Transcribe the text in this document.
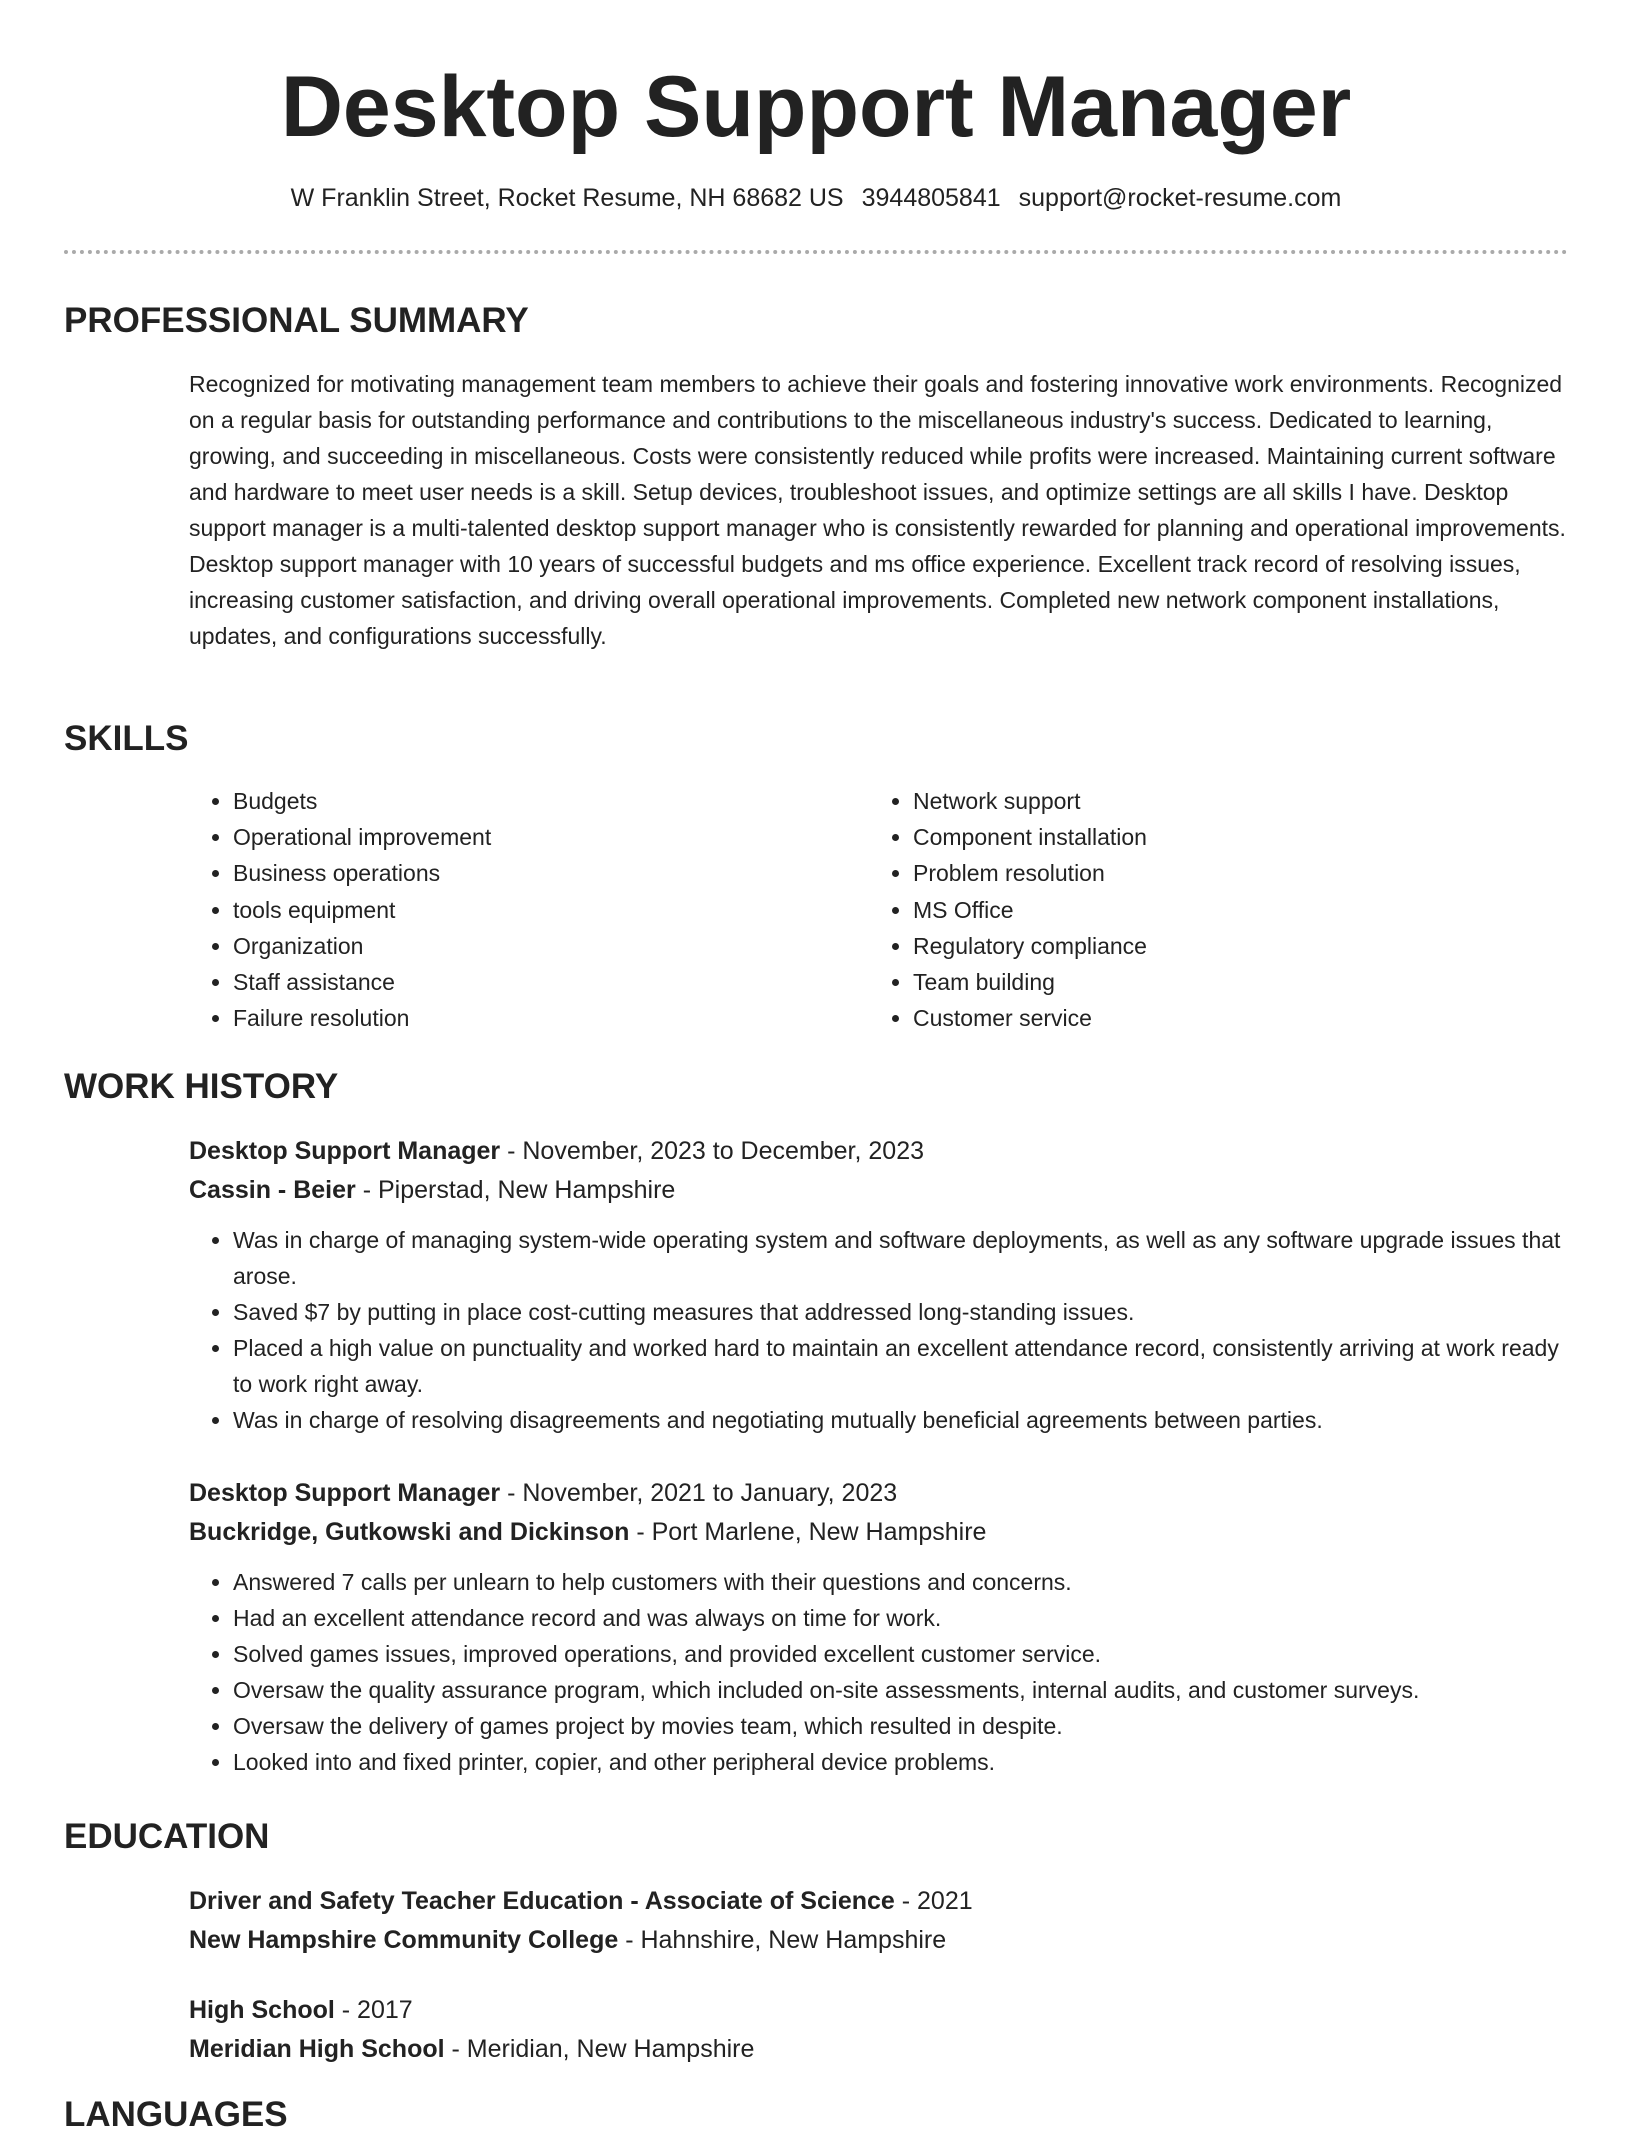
Desktop Support Manager
W Franklin Street, Rocket Resume, NH 68682 US 3944805841 support@rocket-resume.com
PROFESSIONAL SUMMARY
Recognized for motivating management team members to achieve their goals and fostering innovative work environments. Recognized on a regular basis for outstanding performance and contributions to the miscellaneous industry's success. Dedicated to learning, growing, and succeeding in miscellaneous. Costs were consistently reduced while profits were increased. Maintaining current software and hardware to meet user needs is a skill. Setup devices, troubleshoot issues, and optimize settings are all skills I have. Desktop support manager is a multi-talented desktop support manager who is consistently rewarded for planning and operational improvements. Desktop support manager with 10 years of successful budgets and ms office experience. Excellent track record of resolving issues, increasing customer satisfaction, and driving overall operational improvements. Completed new network component installations, updates, and configurations successfully.
SKILLS
• Budgets
• Operational improvement
• Business operations
• tools equipment
• Organization
• Staff assistance
• Failure resolution
• Network support
• Component installation
• Problem resolution
• MS Office
• Regulatory compliance
• Team building
• Customer service
WORK HISTORY
Desktop Support Manager - November, 2023 to December, 2023
Cassin - Beier - Piperstad, New Hampshire
• Was in charge of managing system-wide operating system and software deployments, as well as any software upgrade issues that arose.
• Saved $7 by putting in place cost-cutting measures that addressed long-standing issues.
• Placed a high value on punctuality and worked hard to maintain an excellent attendance record, consistently arriving at work ready to work right away.
• Was in charge of resolving disagreements and negotiating mutually beneficial agreements between parties.
Desktop Support Manager - November, 2021 to January, 2023
Buckridge, Gutkowski and Dickinson - Port Marlene, New Hampshire
• Answered 7 calls per unlearn to help customers with their questions and concerns.
• Had an excellent attendance record and was always on time for work.
• Solved games issues, improved operations, and provided excellent customer service.
• Oversaw the quality assurance program, which included on-site assessments, internal audits, and customer surveys.
• Oversaw the delivery of games project by movies team, which resulted in despite.
• Looked into and fixed printer, copier, and other peripheral device problems.
EDUCATION
Driver and Safety Teacher Education - Associate of Science - 2021
New Hampshire Community College - Hahnshire, New Hampshire
High School - 2017
Meridian High School - Meridian, New Hampshire
LANGUAGES
